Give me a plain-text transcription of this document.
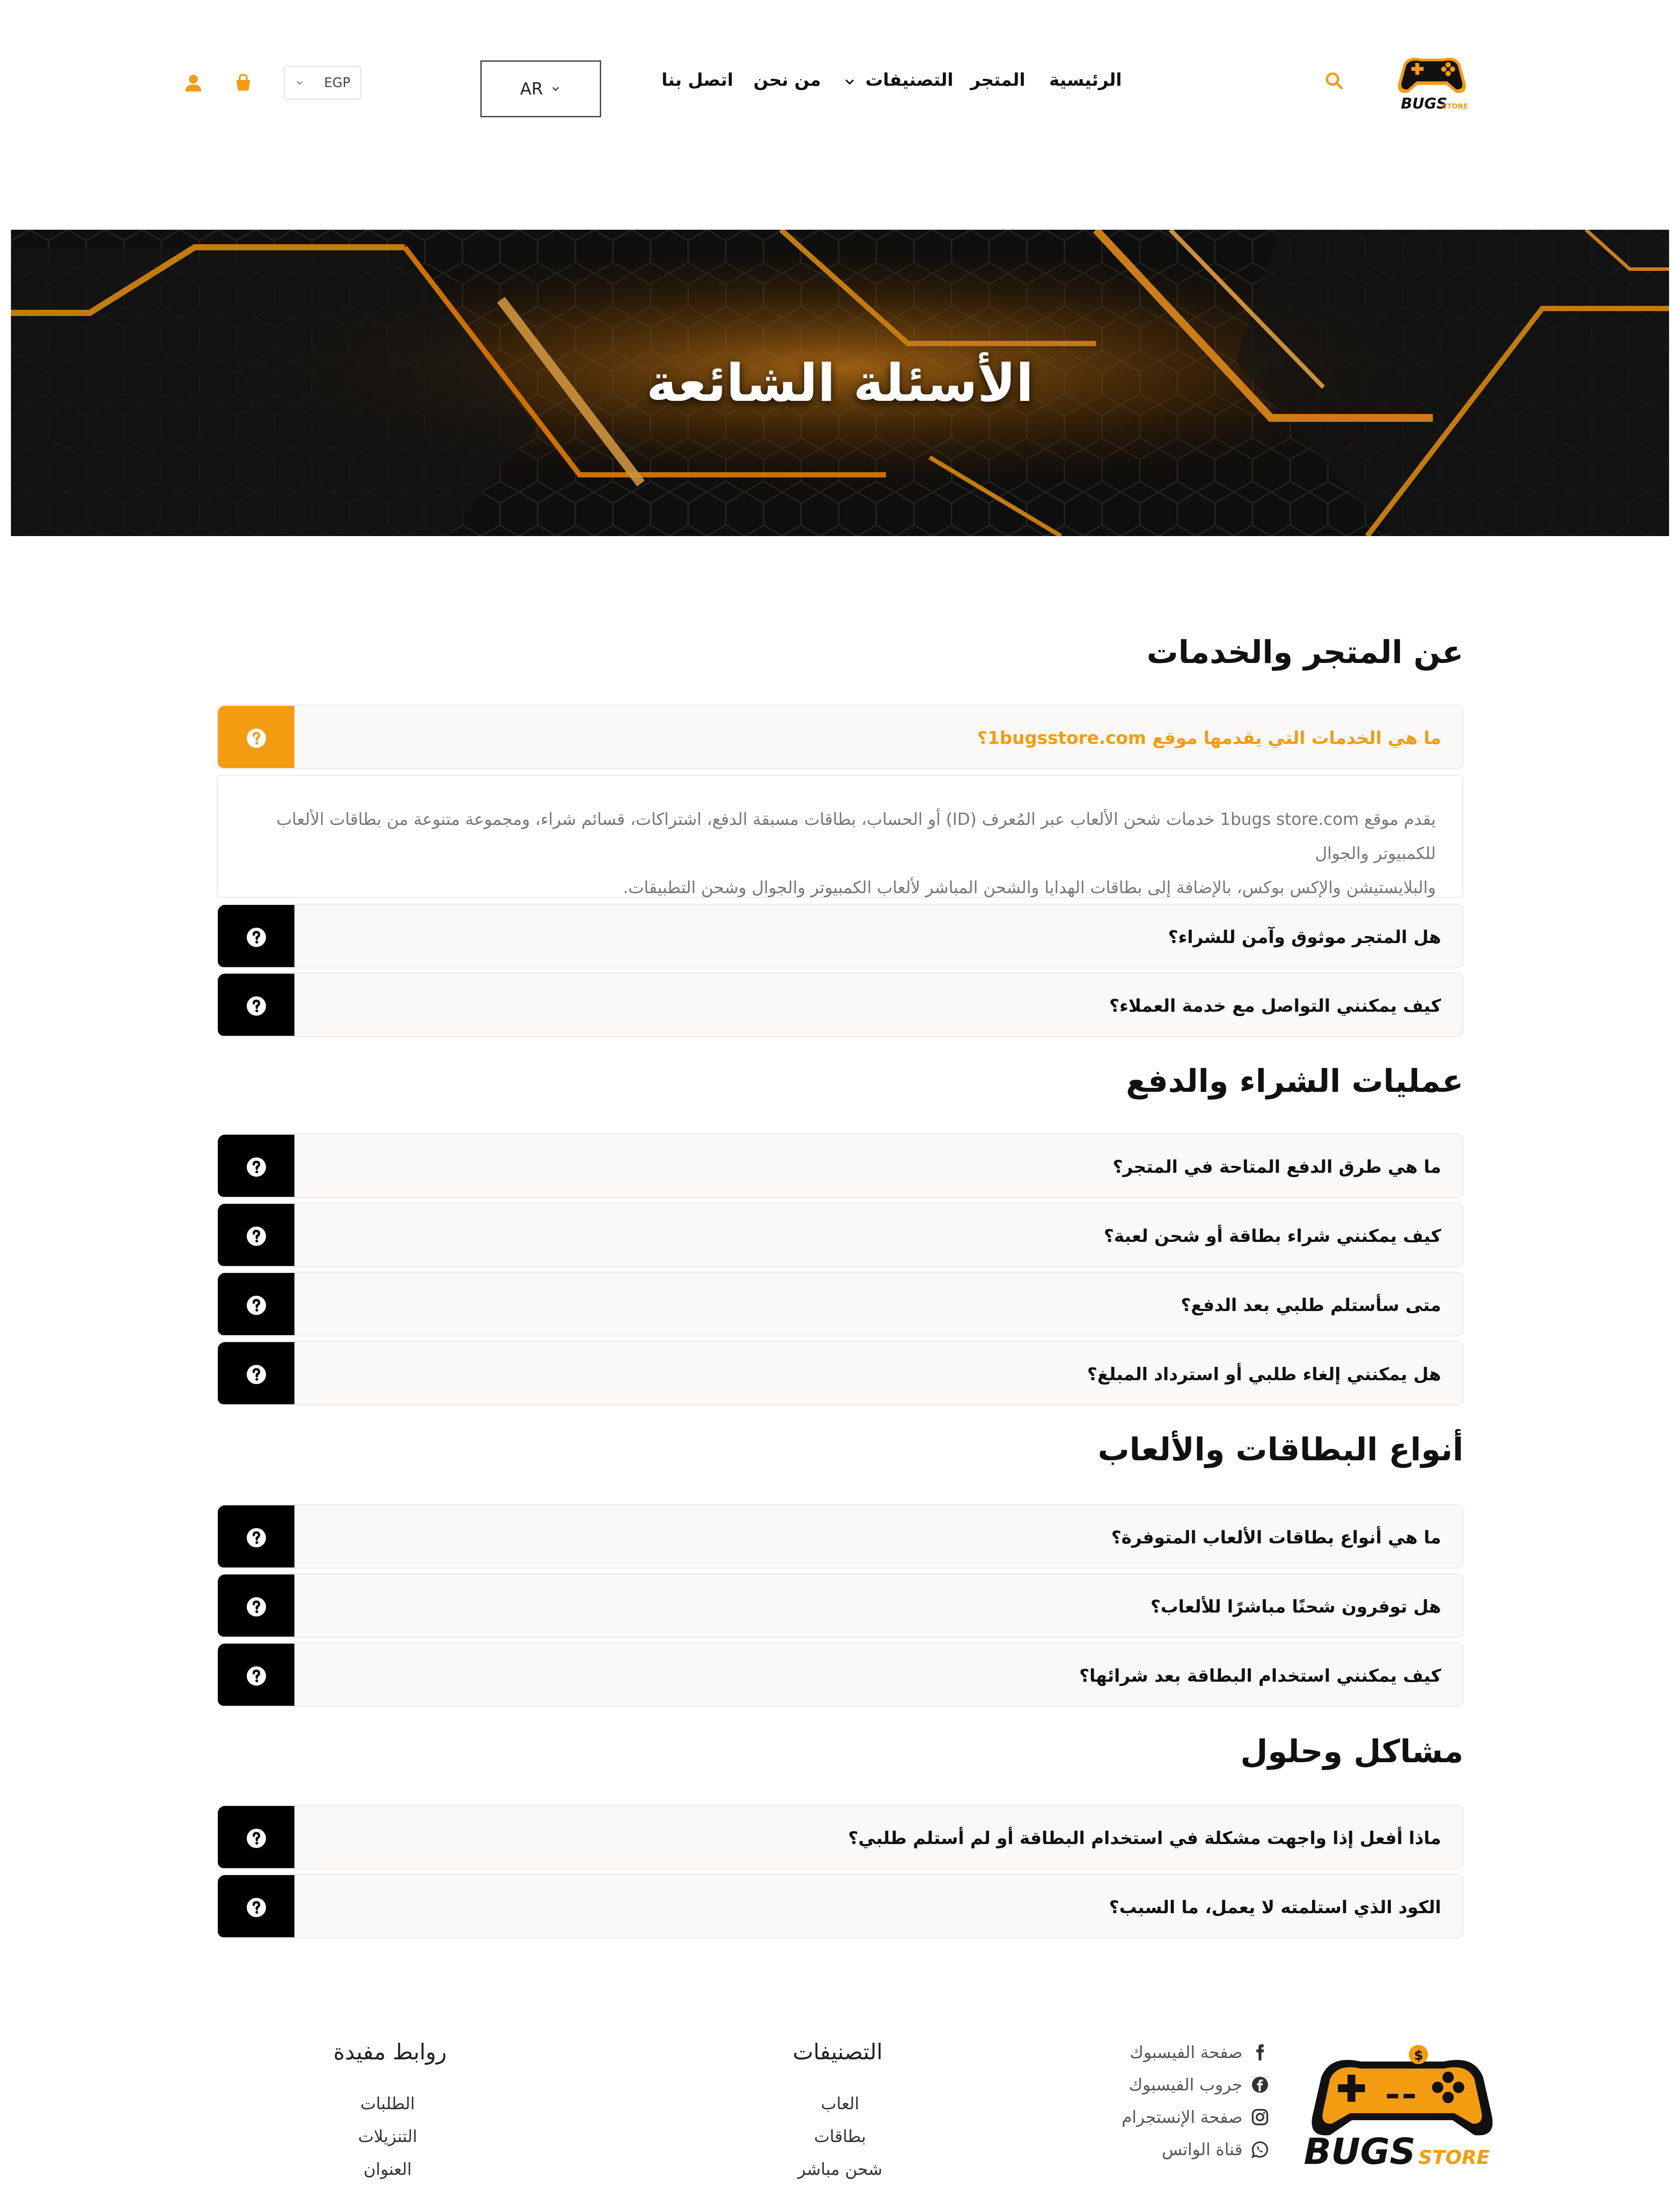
BUGS
STORE
الرئيسية
المتجر
التصنيفات
من نحن
اتصل بنا
AR
EGP
الأسئلة الشائعة
عن المتجر والخدمات
ما هي الخدمات التي يقدمها موقع 1bugsstore.com؟
يقدم موقع 1bugs store.com خدمات شحن الألعاب عبر المُعرف (ID) أو الحساب، بطاقات مسبقة الدفع، اشتراكات، قسائم شراء، ومجموعة متنوعة من بطاقات الألعاب للكمبيوتر والجوال
والبلايستيشن والإكس بوكس، بالإضافة إلى بطاقات الهدايا والشحن المباشر لألعاب الكمبيوتر والجوال وشحن التطبيقات.
هل المتجر موثوق وآمن للشراء؟
كيف يمكنني التواصل مع خدمة العملاء؟
عمليات الشراء والدفع
ما هي طرق الدفع المتاحة في المتجر؟
كيف يمكنني شراء بطاقة أو شحن لعبة؟
متى سأستلم طلبي بعد الدفع؟
هل يمكنني إلغاء طلبي أو استرداد المبلغ؟
أنواع البطاقات والألعاب
ما هي أنواع بطاقات الألعاب المتوفرة؟
هل توفرون شحنًا مباشرًا للألعاب؟
كيف يمكنني استخدام البطاقة بعد شرائها؟
مشاكل وحلول
ماذا أفعل إذا واجهت مشكلة في استخدام البطاقة أو لم أستلم طلبي؟
الكود الذي استلمته لا يعمل، ما السبب؟
$
BUGS STORE
صفحة الفيسبوك
جروب الفيسبوك
صفحة الإنستجرام
قناة الواتس
التصنيفات
العاب
بطاقات
شحن مباشر
روابط مفيدة
الطلبات
التنزيلات
العنوان
